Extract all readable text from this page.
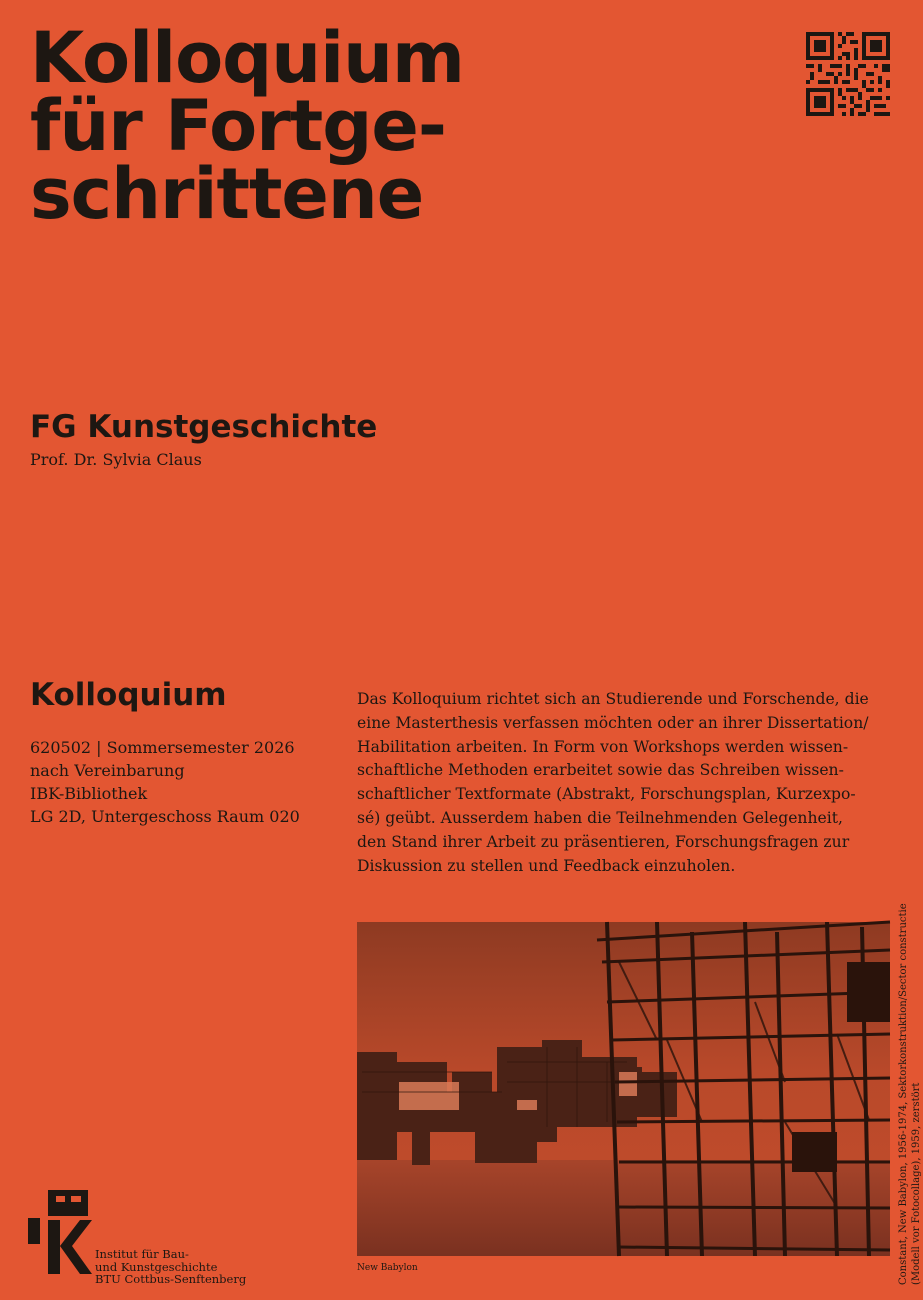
Kolloquium
für Fortge-
schrittene
FG Kunstgeschichte
Prof. Dr. Sylvia Claus
Kolloquium
620502 | Sommersemester 2026
nach Vereinbarung
IBK-Bibliothek
LG 2D, Untergeschoss Raum 020

Das Kolloquium richtet sich an Studierende und Forschende, die
eine Masterthesis verfassen möchten oder an ihrer Dissertation/
Habilitation arbeiten. In Form von Workshops werden wissen-
schaftliche Methoden erarbeitet sowie das Schreiben wissen-
schaftlicher Textformate (Abstrakt, Forschungsplan, Kurzexpo-
sé) geübt. Ausserdem haben die Teilnehmenden Gelegenheit,
den Stand ihrer Arbeit zu präsentieren, Forschungsfragen zur
Diskussion zu stellen und Feedback einzuholen.

New Babylon	Constant, New Babylon, 1956-1974, Sektorkonstruktion/Sector constructie (Modell vor Fotocollage), 1959, zerstört
Institut für Bau-
und Kunstgeschichte
BTU Cottbus-Senftenberg
